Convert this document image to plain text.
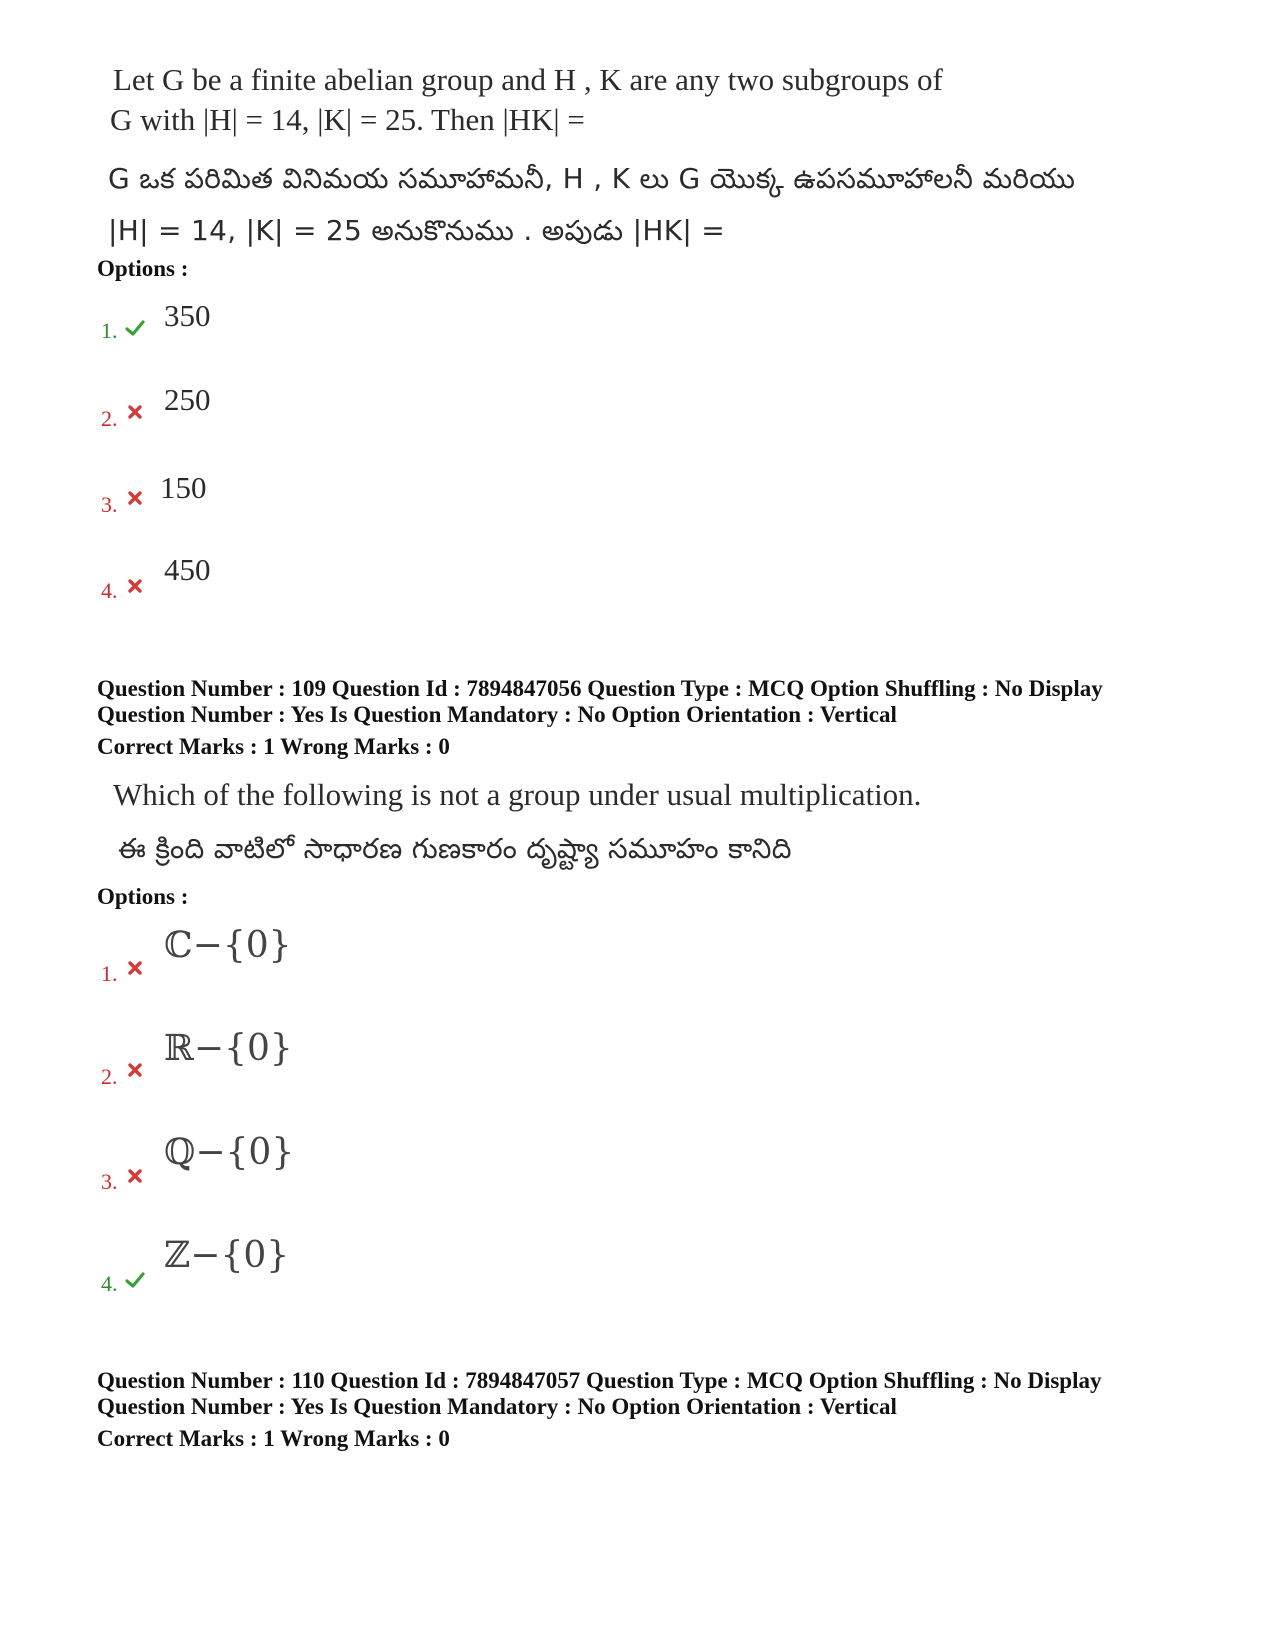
Let G be a finite abelian group and H , K are any two subgroups of
G with |H| = 14, |K| = 25. Then |HK| =
G ఒక పరిమిత వినిమయ సమూహామనీ, H , K లు G యొక్క ఉపసమూహాలనీ మరియు
|H| = 14, |K| = 25 అనుకొనుము . అపుడు |HK| =
Options :
1. 350
2.
250
3. 150
4.
450
Question Number : 109 Question Id : 7894847056 Question Type : MCQ Option Shuffling : No Display
Question Number : Yes Is Question Mandatory : No Option Orientation : Vertical
Correct Marks : 1 Wrong Marks : 0
Which of the following is not a group under usual multiplication.
ఈ క్రింది వాటిలో సాధారణ గుణకారం దృష్ట్యా సమూహం కానిది
Options :
1.
ℂ−{0}
2.
ℝ−{0}
3.
ℚ−{0}
4.
ℤ−{0}
Question Number : 110 Question Id : 7894847057 Question Type : MCQ Option Shuffling : No Display
Question Number : Yes Is Question Mandatory : No Option Orientation : Vertical
Correct Marks : 1 Wrong Marks : 0
